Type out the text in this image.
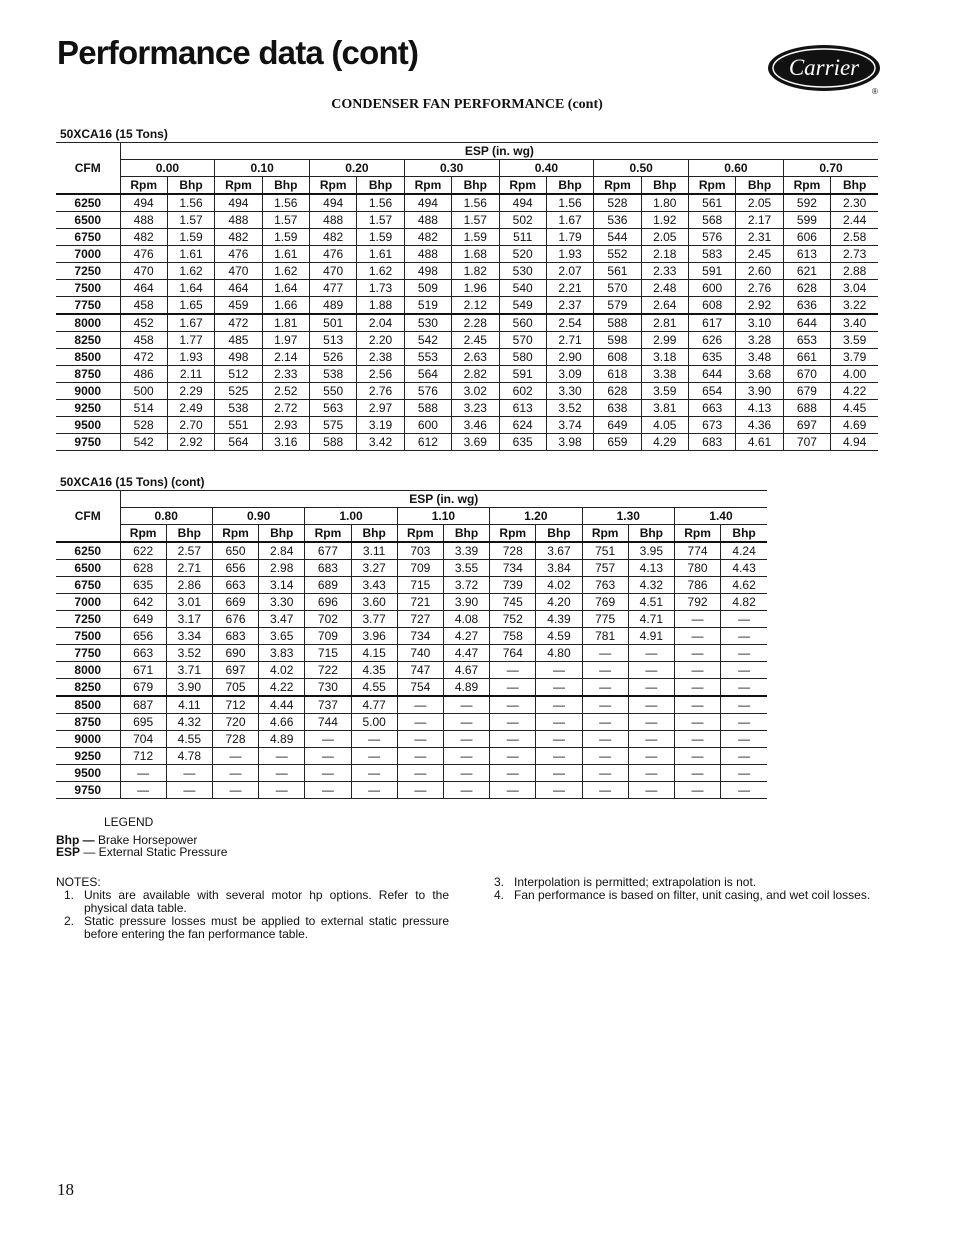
Performance data (cont)	Carrier
®
CONDENSER FAN PERFORMANCE (cont)
50XCA16 (15 Tons)																
CFM	ESP (in. wg)															
	0.00		0.10		0.20		0.30		0.40		0.50		0.60		0.70	
	Rpm	Bhp	Rpm	Bhp	Rpm	Bhp	Rpm	Bhp	Rpm	Bhp	Rpm	Bhp	Rpm	Bhp	Rpm	Bhp
6250	494	1.56	494	1.56	494	1.56	494	1.56	494	1.56	528	1.80	561	2.05	592	2.30
6500	488	1.57	488	1.57	488	1.57	488	1.57	502	1.67	536	1.92	568	2.17	599	2.44
6750	482	1.59	482	1.59	482	1.59	482	1.59	511	1.79	544	2.05	576	2.31	606	2.58
7000	476	1.61	476	1.61	476	1.61	488	1.68	520	1.93	552	2.18	583	2.45	613	2.73
7250	470	1.62	470	1.62	470	1.62	498	1.82	530	2.07	561	2.33	591	2.60	621	2.88
7500	464	1.64	464	1.64	477	1.73	509	1.96	540	2.21	570	2.48	600	2.76	628	3.04
7750	458	1.65	459	1.66	489	1.88	519	2.12	549	2.37	579	2.64	608	2.92	636	3.22
8000	452	1.67	472	1.81	501	2.04	530	2.28	560	2.54	588	2.81	617	3.10	644	3.40
8250	458	1.77	485	1.97	513	2.20	542	2.45	570	2.71	598	2.99	626	3.28	653	3.59
8500	472	1.93	498	2.14	526	2.38	553	2.63	580	2.90	608	3.18	635	3.48	661	3.79
8750	486	2.11	512	2.33	538	2.56	564	2.82	591	3.09	618	3.38	644	3.68	670	4.00
9000	500	2.29	525	2.52	550	2.76	576	3.02	602	3.30	628	3.59	654	3.90	679	4.22
9250	514	2.49	538	2.72	563	2.97	588	3.23	613	3.52	638	3.81	663	4.13	688	4.45
9500	528	2.70	551	2.93	575	3.19	600	3.46	624	3.74	649	4.05	673	4.36	697	4.69
9750	542	2.92	564	3.16	588	3.42	612	3.69	635	3.98	659	4.29	683	4.61	707	4.94
50XCA16 (15 Tons) (cont)														
CFM	ESP (in. wg)													
	0.80		0.90		1.00		1.10		1.20		1.30		1.40	
	Rpm	Bhp	Rpm	Bhp	Rpm	Bhp	Rpm	Bhp	Rpm	Bhp	Rpm	Bhp	Rpm	Bhp
6250	622	2.57	650	2.84	677	3.11	703	3.39	728	3.67	751	3.95	774	4.24
6500	628	2.71	656	2.98	683	3.27	709	3.55	734	3.84	757	4.13	780	4.43
6750	635	2.86	663	3.14	689	3.43	715	3.72	739	4.02	763	4.32	786	4.62
7000	642	3.01	669	3.30	696	3.60	721	3.90	745	4.20	769	4.51	792	4.82
7250	649	3.17	676	3.47	702	3.77	727	4.08	752	4.39	775	4.71	—	—
7500	656	3.34	683	3.65	709	3.96	734	4.27	758	4.59	781	4.91	—	—
7750	663	3.52	690	3.83	715	4.15	740	4.47	764	4.80	—	—	—	—
8000	671	3.71	697	4.02	722	4.35	747	4.67	—	—	—	—	—	—
8250	679	3.90	705	4.22	730	4.55	754	4.89	—	—	—	—	—	—
8500	687	4.11	712	4.44	737	4.77	—	—	—	—	—	—	—	—
8750	695	4.32	720	4.66	744	5.00	—	—	—	—	—	—	—	—
9000	704	4.55	728	4.89	—	—	—	—	—	—	—	—	—	—
9250	712	4.78	—	—	—	—	—	—	—	—	—	—	—	—
9500	—	—	—	—	—	—	—	—	—	—	—	—	—	—
9750	—	—	—	—	—	—	—	—	—	—	—	—	—	—
LEGEND
Bhp — Brake Horsepower
ESP — External Static Pressure
NOTES:
1. Units are available with several motor hp options. Refer to the physical data table.
2. Static pressure losses must be applied to external static pressure before entering the fan performance table.
3. Interpolation is permitted; extrapolation is not.
4. Fan performance is based on filter, unit casing, and wet coil losses.
18
